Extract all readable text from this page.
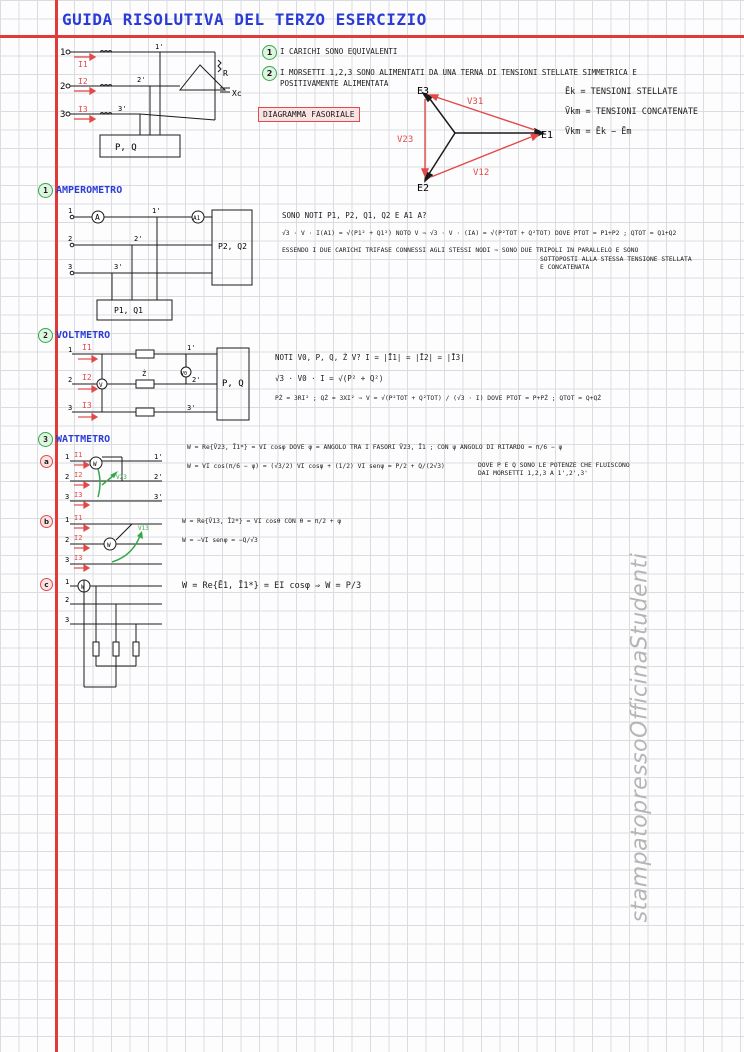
GUIDA RISOLUTIVA DEL TERZO ESERCIZIO
1
2
3
1'
2'
3'
I1
I2
I3
R
Xc
P, Q
1	I CARICHI SONO EQUIVALENTI
2	I MORSETTI 1,2,3 SONO ALIMENTATI DA UNA TERNA DI TENSIONI STELLATE SIMMETRICA E
POSITIVAMENTE ALIMENTATA
DIAGRAMMA FASORIALE
E1
E2
E3
V31
V23
V12
Ēk = TENSIONI STELLATE
V̄km = TENSIONI CONCATENATE
V̄km = Ēk − Ēm
1 AMPEROMETRO
A	A1
1
2
3
1'
2'
3'
P2, Q2
P1, Q1
SONO NOTI P1, P2, Q1, Q2 E A1 A?
√3 · V · I(A1) = √(P1² + Q1²) NOTO V ⇒ √3 · V · (IA) = √(P²TOT + Q²TOT) DOVE PTOT = P1+P2 ; QTOT = Q1+Q2
ESSENDO I DUE CARICHI TRIFASE CONNESSI AGLI STESSI NODI ⇒ SONO DUE TRIPOLI IN PARALLELO E SONO
SOTTOPOSTI ALLA STESSA TENSIONE STELLATA
E CONCATENATA
2 VOLTMETRO
1
2
3
1'
2'
3'
I1
I2
I3
V
V0
Ż
P, Q
NOTI V0, P, Q, Ż V? I = |Ī1| = |Ī2| = |Ī3|
√3 · V0 · I = √(P² + Q²)
PŻ = 3RI² ; QŻ = 3XI² ⇒ V = √(P²TOT + Q²TOT) / (√3 · I) DOVE PTOT = P+PŻ ; QTOT = Q+QŻ
3 WATTMETRO
a
1
2
3
1'
2'
3'
I1
I2
I3
W
V23
W = Re{V̄23, Ī1*} = VI cosφ DOVE φ = ANGOLO TRA I FASORI V̄23, Ī1 ; CON ψ ANGOLO DI RITARDO = π/6 − ψ
W = VI cos(π/6 − ψ) = (√3/2) VI cosψ + (1/2) VI senψ = P/2 + Q/(2√3)	DOVE P E Q SONO LE POTENZE CHE FLUISCONO
DAI MORSETTI 1,2,3 A 1',2',3'
b	1
2
3
I1
I2
I3
W
V13
W = Re{V̄13, Ī2*} = VI cosθ CON θ = π/2 + φ
W = −VI senφ = −Q/√3
c	1
2
3
W	W = Re{Ē1, Ī1*} = EI cosφ ⇒ W = P/3	stampatopressoOfficinaStudenti
